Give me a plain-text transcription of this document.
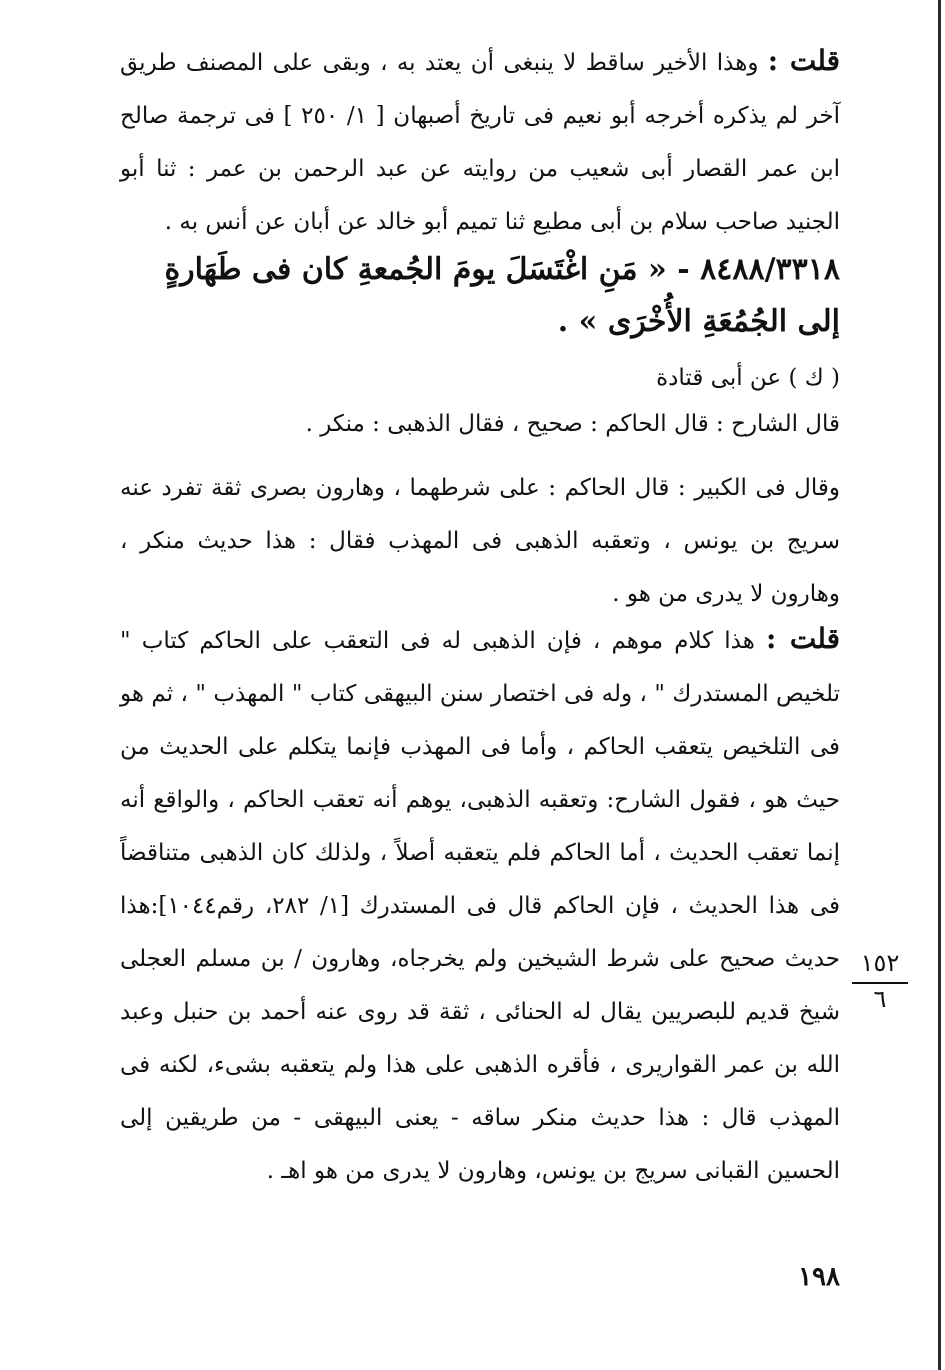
قلت : وهذا الأخير ساقط لا ينبغى أن يعتد به ، وبقى على المصنف طريق آخر لم يذكره أخرجه أبو نعيم فى تاريخ أصبهان [ ١/ ٢٥٠ ] فى ترجمة صالح ابن عمر القصار أبى شعيب من روايته عن عبد الرحمن بن عمر : ثنا أبو الجنيد صاحب سلام بن أبى مطيع ثنا تميم أبو خالد عن أبان عن أنس به .
٨٤٨٨/٣٣١٨ - « مَنِ اغْتَسَلَ يومَ الجُمعةِ كان فى طَهَارةٍ إلى الجُمُعَةِ الأُخْرَى » .
( ك ) عن أبى قتادة
قال الشارح : قال الحاكم : صحيح ، فقال الذهبى : منكر .
وقال فى الكبير : قال الحاكم : على شرطهما ، وهارون بصرى ثقة تفرد عنه سريج بن يونس ، وتعقبه الذهبى فى المهذب فقال : هذا حديث منكر ، وهارون لا يدرى من هو .
قلت : هذا كلام موهم ، فإن الذهبى له فى التعقب على الحاكم كتاب " تلخيص المستدرك " ، وله فى اختصار سنن البيهقى كتاب " المهذب " ، ثم هو فى التلخيص يتعقب الحاكم ، وأما فى المهذب فإنما يتكلم على الحديث من حيث هو ، فقول الشارح: وتعقبه الذهبى، يوهم أنه تعقب الحاكم ، والواقع أنه إنما تعقب الحديث ، أما الحاكم فلم يتعقبه أصلاً ، ولذلك كان الذهبى متناقضاً فى هذا الحديث ، فإن الحاكم قال فى المستدرك [١/ ٢٨٢، رقم١٠٤٤]:هذا حديث صحيح على شرط الشيخين ولم يخرجاه، وهارون / بن مسلم العجلى شيخ قديم للبصريين يقال له الحنائى ، ثقة قد روى عنه أحمد بن حنبل وعبد الله بن عمر القواريرى ، فأقره الذهبى على هذا ولم يتعقبه بشىء، لكنه فى المهذب قال : هذا حديث منكر ساقه - يعنى البيهقى - من طريقين إلى الحسين القبانى سريج بن يونس، وهارون لا يدرى من هو اهـ .
١٥٢
٦
١٩٨
